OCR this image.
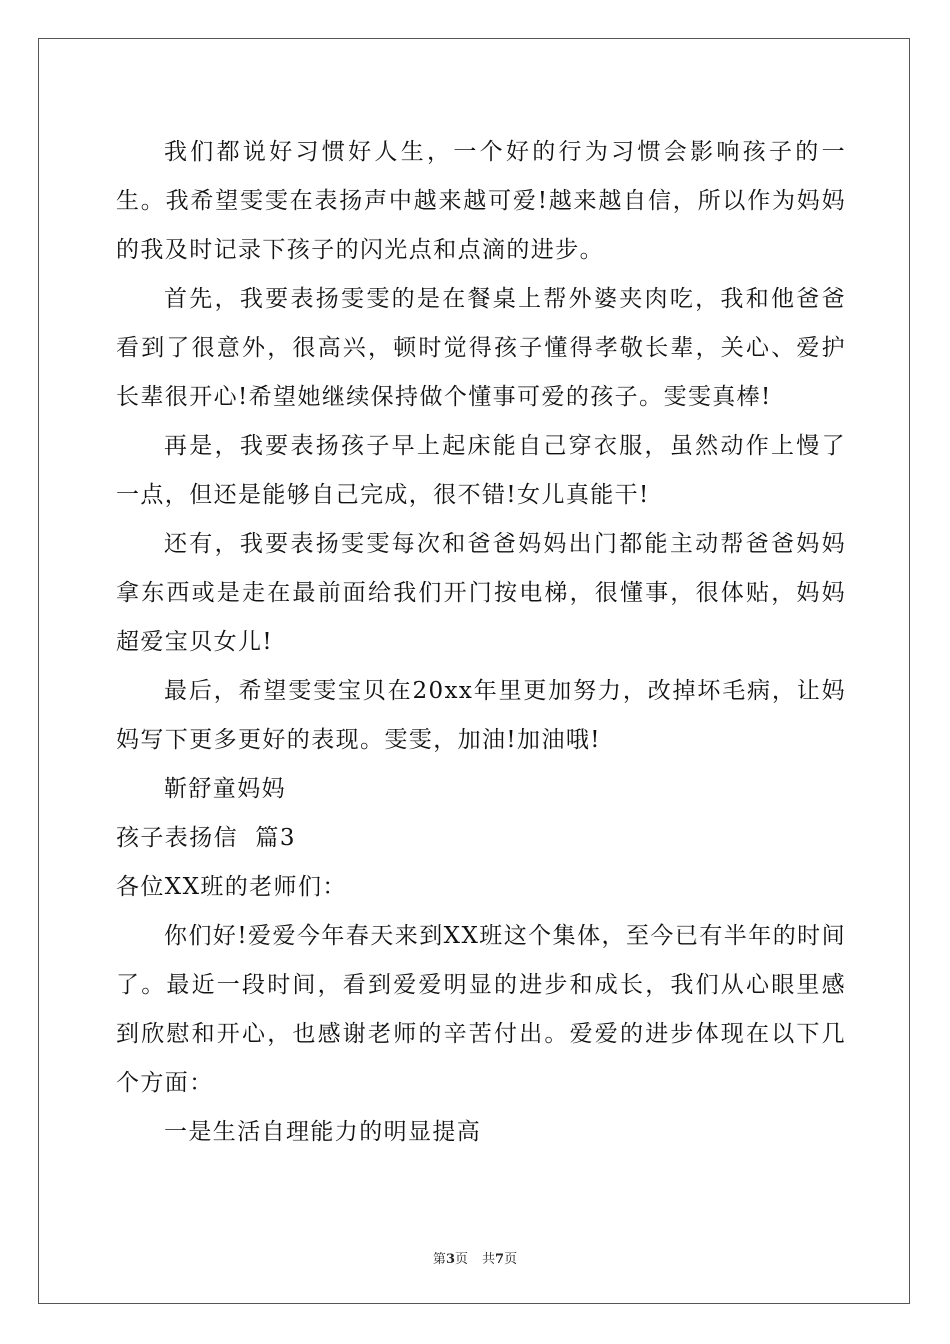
我们都说好习惯好人生，一个好的行为习惯会影响孩子的一生。我希望雯雯在表扬声中越来越可爱!越来越自信，所以作为妈妈的我及时记录下孩子的闪光点和点滴的进步。

首先，我要表扬雯雯的是在餐桌上帮外婆夹肉吃，我和他爸爸看到了很意外，很高兴，顿时觉得孩子懂得孝敬长辈，关心、爱护长辈很开心!希望她继续保持做个懂事可爱的孩子。雯雯真棒!

再是，我要表扬孩子早上起床能自己穿衣服，虽然动作上慢了一点，但还是能够自己完成，很不错!女儿真能干!

还有，我要表扬雯雯每次和爸爸妈妈出门都能主动帮爸爸妈妈拿东西或是走在最前面给我们开门按电梯，很懂事，很体贴，妈妈超爱宝贝女儿!

最后，希望雯雯宝贝在20xx年里更加努力，改掉坏毛病，让妈妈写下更多更好的表现。雯雯，加油!加油哦!

靳舒童妈妈

孩子表扬信  篇3

各位XX班的老师们：

你们好!爱爱今年春天来到XX班这个集体，至今已有半年的时间了。最近一段时间，看到爱爱明显的进步和成长，我们从心眼里感到欣慰和开心，也感谢老师的辛苦付出。爱爱的进步体现在以下几个方面：

一是生活自理能力的明显提高

第3页 共7页
